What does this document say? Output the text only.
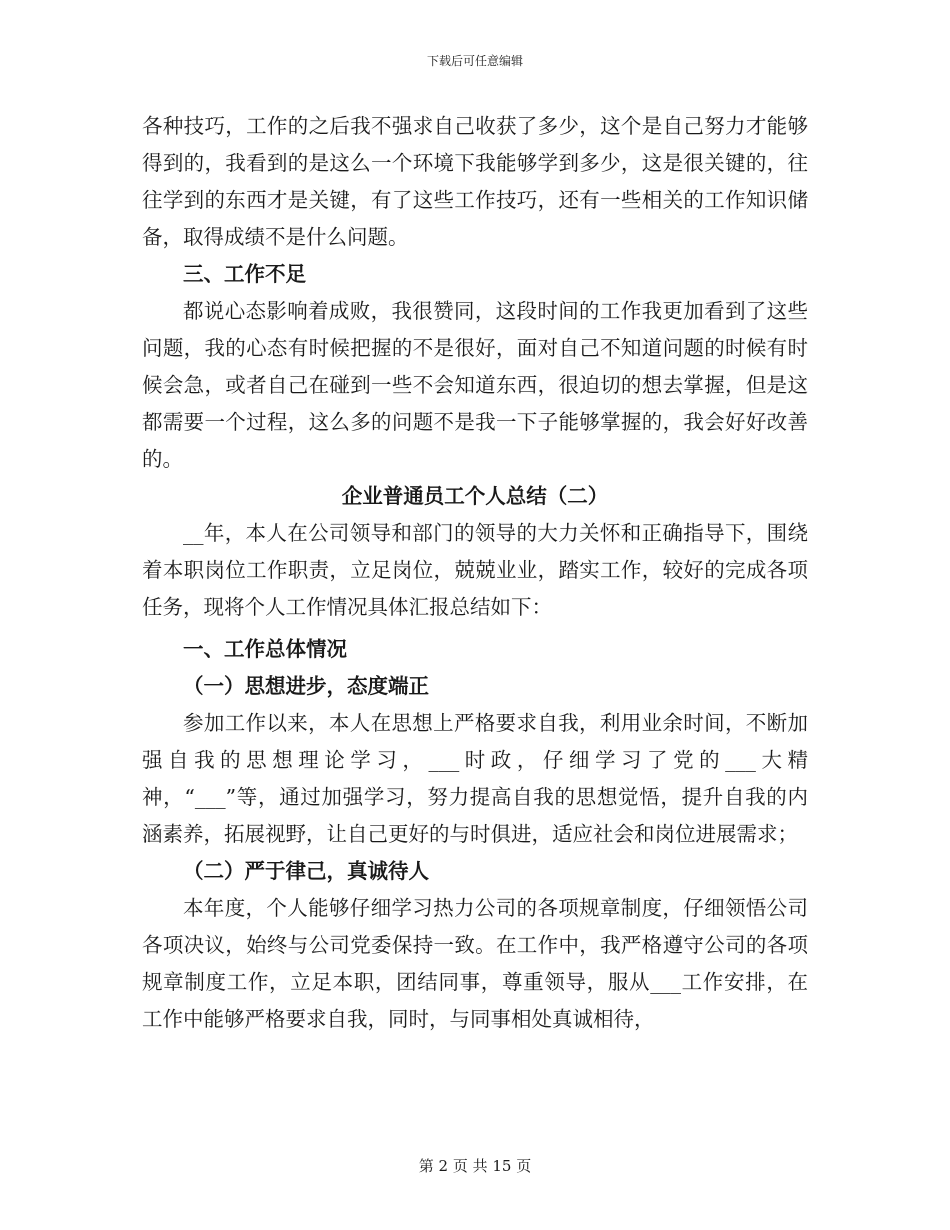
下载后可任意编辑

各种技巧，工作的之后我不强求自己收获了多少，这个是自己努力才能够得到的，我看到的是这么一个环境下我能够学到多少，这是很关键的，往往学到的东西才是关键，有了这些工作技巧，还有一些相关的工作知识储备，取得成绩不是什么问题。

三、工作不足

都说心态影响着成败，我很赞同，这段时间的工作我更加看到了这些问题，我的心态有时候把握的不是很好，面对自己不知道问题的时候有时候会急，或者自己在碰到一些不会知道东西，很迫切的想去掌握，但是这都需要一个过程，这么多的问题不是我一下子能够掌握的，我会好好改善的。

企业普通员工个人总结（二）

__年，本人在公司领导和部门的领导的大力关怀和正确指导下，围绕着本职岗位工作职责，立足岗位，兢兢业业，踏实工作，较好的完成各项任务，现将个人工作情况具体汇报总结如下：

一、工作总体情况

（一）思想进步，态度端正

参加工作以来，本人在思想上严格要求自我，利用业余时间，不断加强自我的思想理论学习，___时政，仔细学习了党的___大精神，“___”等，通过加强学习，努力提高自我的思想觉悟，提升自我的内涵素养，拓展视野，让自己更好的与时俱进，适应社会和岗位进展需求；

（二）严于律己，真诚待人

本年度，个人能够仔细学习热力公司的各项规章制度，仔细领悟公司各项决议，始终与公司党委保持一致。在工作中，我严格遵守公司的各项规章制度工作，立足本职，团结同事，尊重领导，服从___工作安排，在工作中能够严格要求自我，同时，与同事相处真诚相待，

第 2 页 共 15 页
